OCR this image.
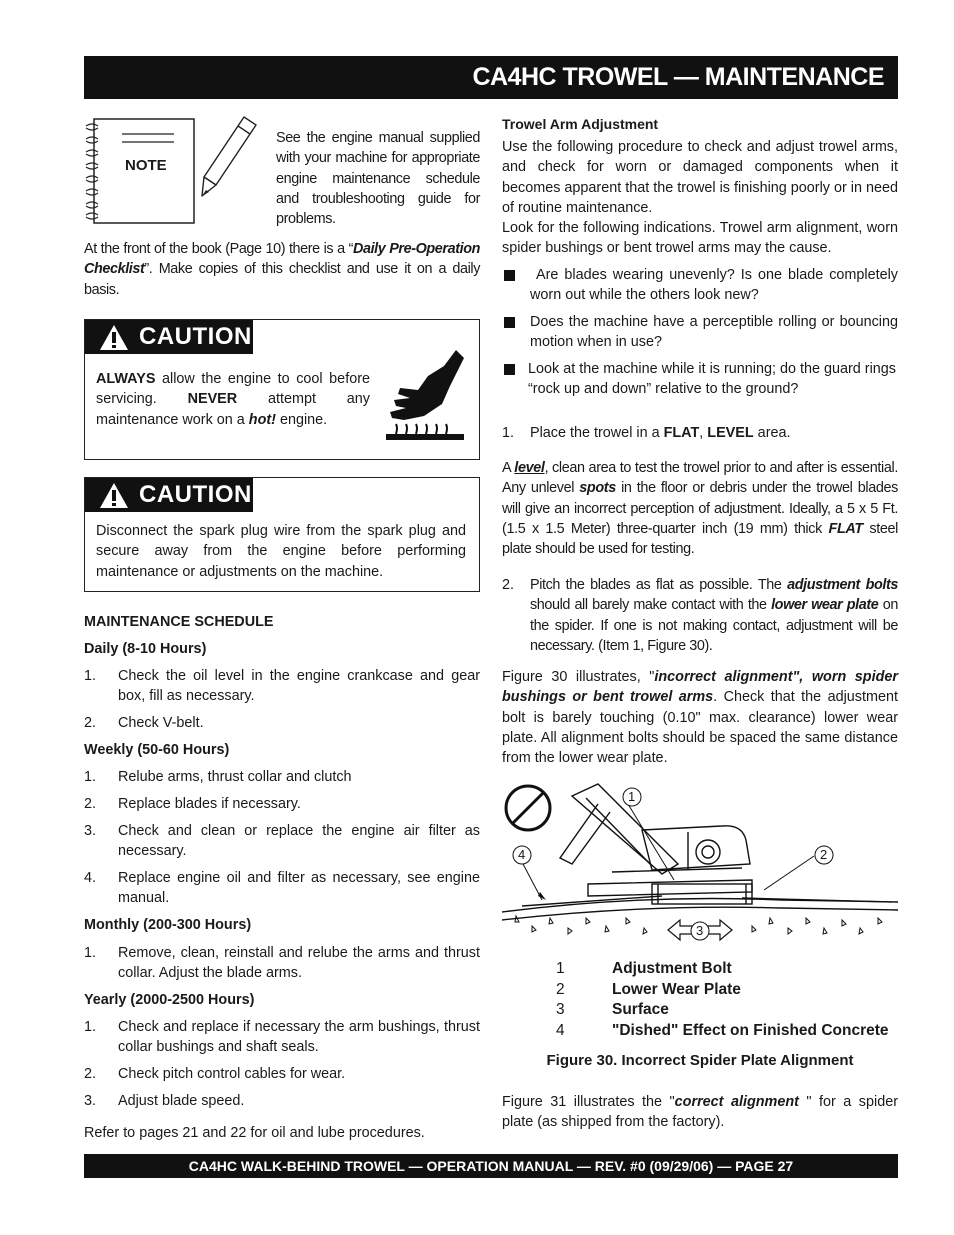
CA4HC TROWEL — MAINTENANCE
NOTE
See the engine manual supplied with your machine for appropriate engine maintenance schedule and troubleshooting guide for problems.
At the front of the book (Page 10) there is a “Daily Pre-Operation Checklist”. Make copies of this checklist and use it on a daily basis.
CAUTION
ALWAYS allow the engine to cool before servicing. NEVER attempt any maintenance work on a hot! engine.
CAUTION
Disconnect the spark plug wire from the spark plug and secure away from the engine before performing maintenance or adjustments on the machine.
MAINTENANCE SCHEDULE
Daily (8-10 Hours)
1. Check the oil level in the engine crankcase and gear box, fill as necessary.
2. Check V-belt.
Weekly (50-60 Hours)
1. Relube arms, thrust collar and clutch
2. Replace blades if necessary.
3. Check and clean or replace the engine air filter as necessary.
4. Replace engine oil and filter as necessary, see engine manual.
Monthly (200-300 Hours)
1. Remove, clean, reinstall and relube the arms and thrust collar. Adjust the blade arms.
Yearly (2000-2500 Hours)
1. Check and replace if necessary the arm bushings, thrust collar bushings and shaft seals.
2. Check pitch control cables for wear.
3. Adjust blade speed.
Refer to pages 21 and 22 for oil and lube procedures.
Trowel Arm Adjustment
Use the following procedure to check and adjust trowel arms, and check for worn or damaged components when it becomes apparent that the trowel is finishing poorly or in need of routine maintenance.
Look for the following indications. Trowel arm alignment, worn spider bushings or bent trowel arms may the cause.
Are blades wearing unevenly? Is one blade completely worn out while the others look new?
Does the machine have a perceptible rolling or bouncing motion when in use?
Look at the machine while it is running; do the guard rings “rock up and down” relative to the ground?
1. Place the trowel in a FLAT, LEVEL area.
A level, clean area to test the trowel prior to and after is essential. Any unlevel spots in the floor or debris under the trowel blades will give an incorrect perception of adjustment. Ideally, a 5 x 5 Ft. (1.5 x 1.5 Meter) three-quarter inch (19 mm) thick FLAT steel plate should be used for testing.
2. Pitch the blades as flat as possible. The adjustment bolts should all barely make contact with the lower wear plate on the spider. If one is not making contact, adjustment will be necessary. (Item 1, Figure 30).
Figure 30 illustrates, "incorrect alignment", worn spider bushings or bent trowel arms. Check that the adjustment bolt is barely touching (0.10" max. clearance) lower wear plate. All alignment bolts should be spaced the same distance from the lower wear plate.
1
2
3
4
1	Adjustment Bolt
2	Lower Wear Plate
3	Surface
4	"Dished" Effect on Finished Concrete
Figure 30. Incorrect Spider Plate Alignment
Figure 31 illustrates the "correct alignment " for a spider plate (as shipped from the factory).
CA4HC WALK-BEHIND TROWEL — OPERATION MANUAL — REV. #0 (09/29/06) — PAGE 27
